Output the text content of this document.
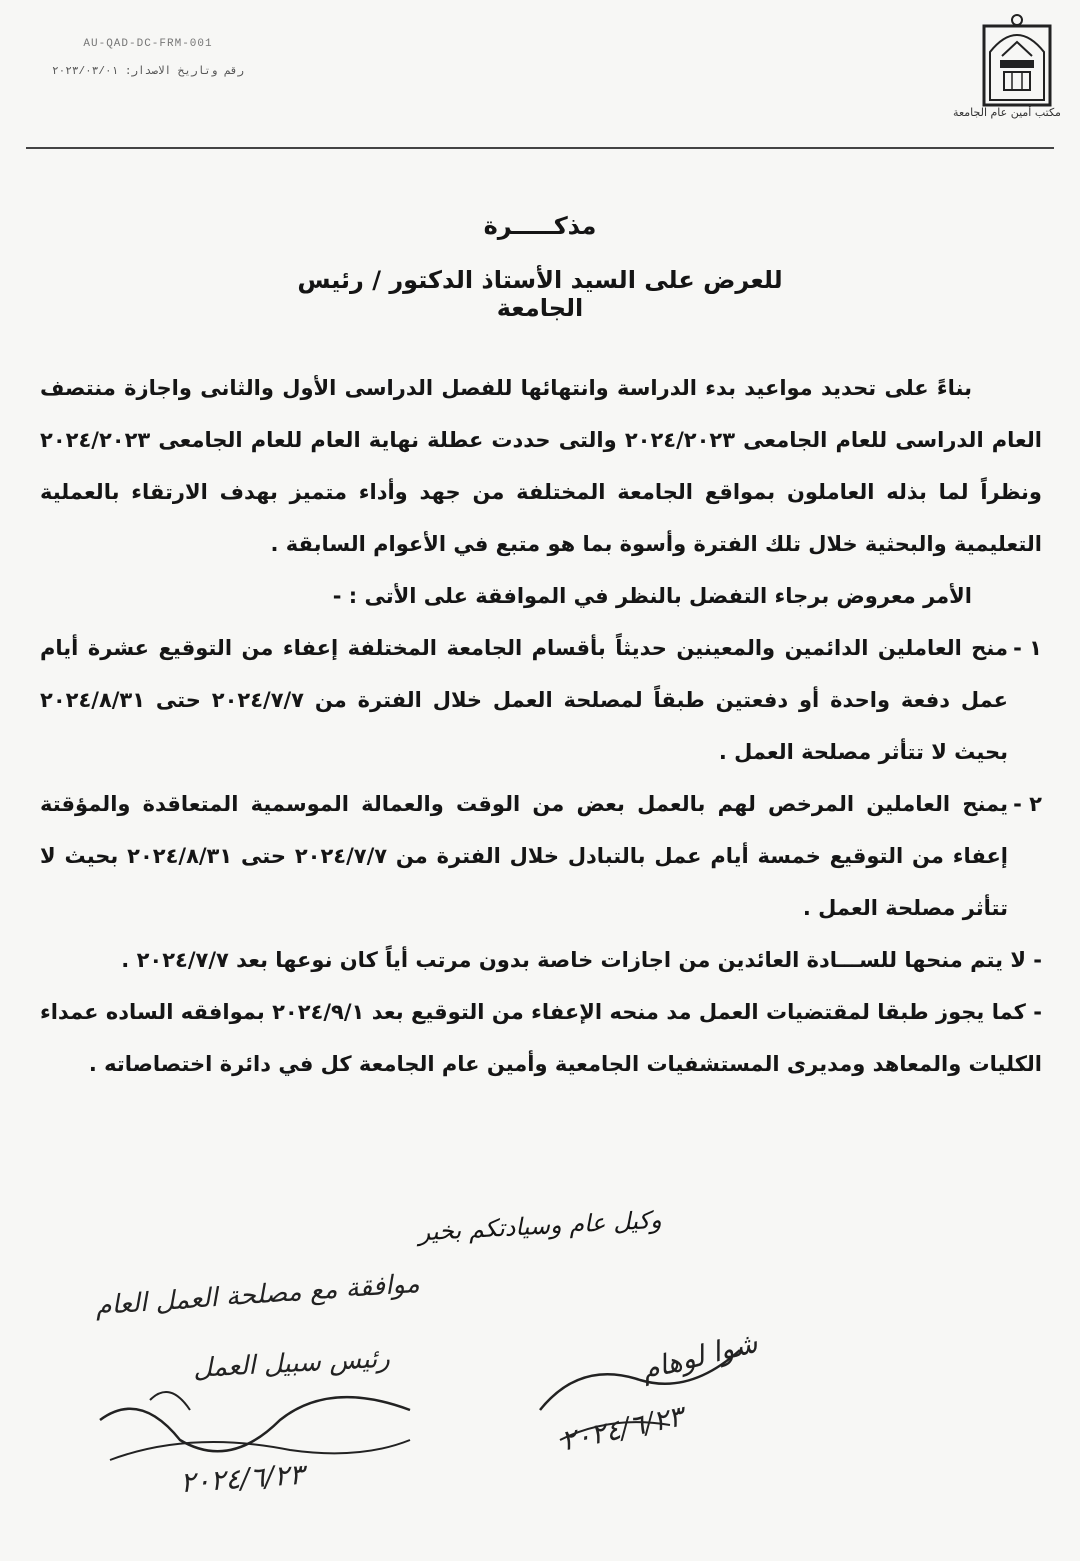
مكتب أمين عام الجامعة
AU-QAD-DC-FRM-001
رقم وتاريخ الاصدار: ٢٠٢٣/٠٣/٠١
مذكـــــرة
للعرض على السيد الأستاذ الدكتور / رئيس الجامعة

بناءً على تحديد مواعيد بدء الدراسة وانتهائها للفصل الدراسى الأول والثانى واجازة منتصف العام الدراسى للعام الجامعى ٢٠٢٤/٢٠٢٣ والتى حددت عطلة نهاية العام للعام الجامعى ٢٠٢٤/٢٠٢٣ ونظراً لما بذله العاملون بمواقع الجامعة المختلفة من جهد وأداء متميز بهدف الارتقاء بالعملية التعليمية والبحثية خلال تلك الفترة وأسوة بما هو متبع في الأعوام السابقة .

الأمر معروض برجاء التفضل بالنظر في الموافقة على الأتى : -

١ -
منح العاملين الدائمين والمعينين حديثاً بأقسام الجامعة المختلفة إعفاء من التوقيع عشرة أيام عمل دفعة واحدة أو دفعتين طبقاً لمصلحة العمل خلال الفترة من ٢٠٢٤/٧/٧ حتى ٢٠٢٤/٨/٣١ بحيث لا تتأثر مصلحة العمل .
٢ -
يمنح العاملين المرخص لهم بالعمل بعض من الوقت والعمالة الموسمية المتعاقدة والمؤقتة إعفاء من التوقيع خمسة أيام عمل بالتبادل خلال الفترة من ٢٠٢٤/٧/٧ حتى ٢٠٢٤/٨/٣١ بحيث لا تتأثر مصلحة العمل .

- لا يتم منحها للســـادة العائدين من اجازات خاصة بدون مرتب أياً كان نوعها بعد ٢٠٢٤/٧/٧ .

- كما يجوز طبقا لمقتضيات العمل مد منحه الإعفاء من التوقيع بعد ٢٠٢٤/٩/١ بموافقه الساده عمداء الكليات والمعاهد ومديرى المستشفيات الجامعية وأمين عام الجامعة كل في دائرة اختصاصاته .

وكيل عام وسيادتكم بخير
موافقة مع مصلحة العمل العام
رئيس سبيل العمل
٢٠٢٤/٦/٢٣
شوا لوهام
٢٠٢٤/٦/٢٣
